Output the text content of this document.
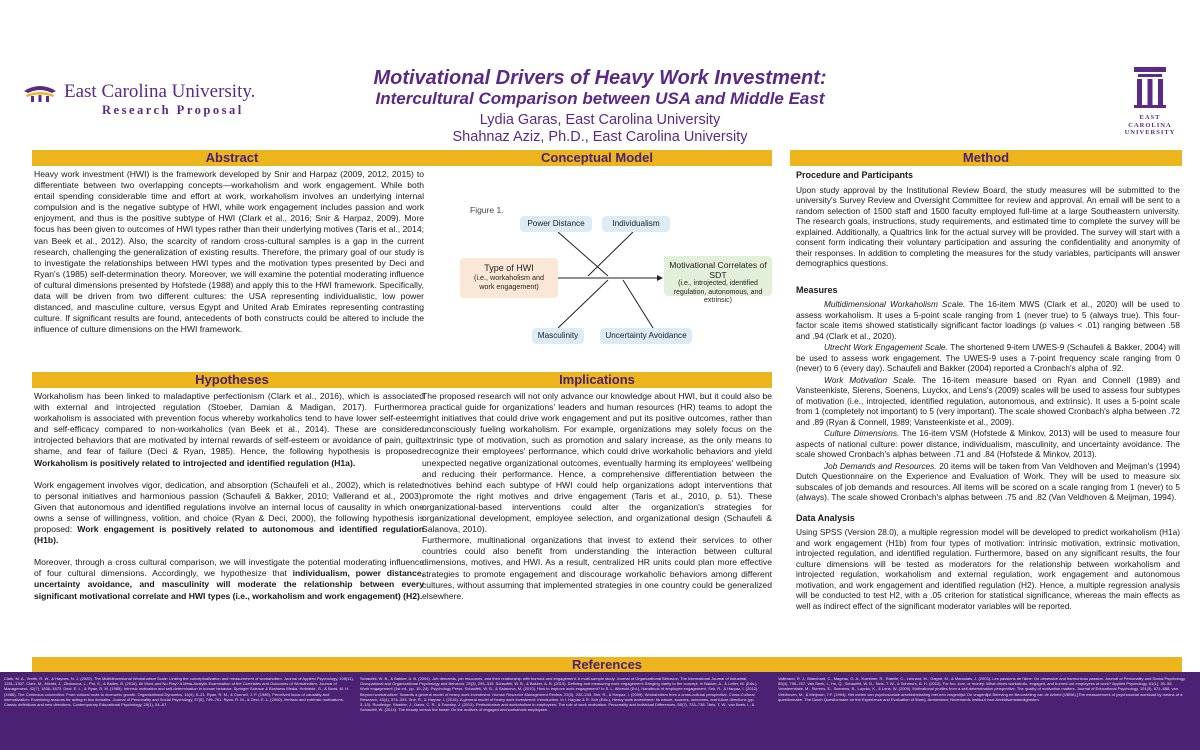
East Carolina University.
Research Proposal
Motivational Drivers of Heavy Work Investment:
Intercultural Comparison between USA and Middle East
Lydia Garas, East Carolina University
Shahnaz Aziz, Ph.D., East Carolina University
EAST
CAROLINA
UNIVERSITY
Abstract	Conceptual Model	Method
Hypotheses	Implications
References

Heavy work investment (HWI) is the framework developed by Snir and Harpaz (2009, 2012, 2015) to differentiate between two overlapping concepts—workaholism and work engagement. While both entail spending considerable time and effort at work, workaholism involves an underlying internal compulsion and is the negative subtype of HWI, while work engagement includes passion and work enjoyment, and thus is the positive subtype of HWI (Clark et al., 2016; Snir & Harpaz, 2009). More focus has been given to outcomes of HWI types rather than their underlying motives (Taris et al., 2014; van Beek et al., 2012). Also, the scarcity of random cross-cultural samples is a gap in the current research, challenging the generalization of existing results. Therefore, the primary goal of our study is to investigate the relationships between HWI types and the motivation types presented by Deci and Ryan's (1985) self-determination theory. Moreover, we will examine the potential moderating influence of cultural dimensions presented by Hofstede (1988) and apply this to the HWI framework. Specifically, data will be driven from two different cultures: the USA representing individualistic, low power distanced, and masculine culture, versus Egypt and United Arab Emirates representing contrasting culture. If significant results are found, antecedents of both constructs could be altered to include the influence of culture dimensions on the HWI framework.

Workaholism has been linked to maladaptive perfectionism (Clark et al., 2016), which is associated with external and introjected regulation (Stoeber, Damian & Madigan, 2017). Furthermore, workaholism is associated with prevention focus whereby workaholics tend to have lower self-esteem and self-efficacy compared to non-workaholics (van Beek et al., 2014). These are considered introjected behaviors that are motivated by internal rewards of self-esteem or avoidance of pain, guilt, shame, and fear of failure (Deci & Ryan, 1985). Hence, the following hypothesis is proposed: Workaholism is positively related to introjected and identified regulation (H1a).

Work engagement involves vigor, dedication, and absorption (Schaufeli et al., 2002), which is related to personal initiatives and harmonious passion (Schaufeli & Bakker, 2010; Vallerand et al., 2003). Given that autonomous and identified regulations involve an internal locus of causality in which one owns a sense of willingness, volition, and choice (Ryan & Deci, 2000), the following hypothesis is proposed: Work engagement is positively related to autonomous and identified regulation (H1b).

Moreover, through a cross cultural comparison, we will investigate the potential moderating influence of four cultural dimensions. Accordingly, we hypothesize that individualism, power distance, uncertainty avoidance, and masculinity will moderate the relationship between every significant motivational correlate and HWI types (i.e., workaholism and work engagement) (H2).

Figure 1.
Power Distance	Individualism
Type of HWI
(i.e., workaholism and work engagement)
Motivational Correlates of SDT
(i.e., introjected, identified regulation, autonomous, and extrinsic)
Masculinity	Uncertainty Avoidance

The proposed research will not only advance our knowledge about HWI, but it could also be a practical guide for organizations' leaders and human resources (HR) teams to adopt the right initiatives that could drive work engagement and put its positive outcomes, rather than unconsciously fueling workaholism. For example, organizations may solely focus on the extrinsic type of motivation, such as promotion and salary increase, as the only means to recognize their employees' performance, which could drive workaholic behaviors and yield unexpected negative organizational outcomes, eventually harming its employees' wellbeing and reducing their performance. Hence, a comprehensive differentiation between the motives behind each subtype of HWI could help organizations adopt interventions that promote the right motives and drive engagement (Taris et al., 2010, p. 51). These organizational-based interventions could alter the organization's strategies for organizational development, employee selection, and organizational design (Schaufeli & Salanova, 2010).

Furthermore, multinational organizations that invest to extend their services to other countries could also benefit from understanding the interaction between cultural dimensions, motives, and HWI. As a result, centralized HR units could plan more effective strategies to promote engagement and discourage workaholic behaviors among different cultures, without assuming that implemented strategies in one country could be generalized elsewhere.

Procedure and Participants

Upon study approval by the Institutional Review Board, the study measures will be submitted to the university's Survey Review and Oversight Committee for review and approval. An email will be sent to a random selection of 1500 staff and 1500 faculty employed full-time at a large Southeastern university. The research goals, instructions, study requirements, and estimated time to complete the survey will be explained. Additionally, a Qualtrics link for the actual survey will be provided. The survey will start with a consent form indicating their voluntary participation and assuring the confidentiality and anonymity of their responses. In addition to completing the measures for the study variables, participants will answer demographics questions.

Measures

Multidimensional Workaholism Scale. The 16-item MWS (Clark et al., 2020) will be used to assess workaholism. It uses a 5-point scale ranging from 1 (never true) to 5 (always true). This four-factor scale items showed statistically significant factor loadings (p values < .01) ranging between .58 and .94 (Clark et al., 2020).

Utrecht Work Engagement Scale. The shortened 9-item UWES-9 (Schaufeli & Bakker, 2004) will be used to assess work engagement. The UWES-9 uses a 7-point frequency scale ranging from 0 (never) to 6 (every day). Schaufeli and Bakker (2004) reported a Cronbach's alpha of .92.

Work Motivation Scale. The 16-item measure based on Ryan and Connell (1989) and Vansteenkiste, Sierens, Soenens, Luyckx, and Lens's (2009) scales will be used to assess four subtypes of motivation (i.e., introjected, identified regulation, autonomous, and extrinsic). It uses a 5-point scale from 1 (completely not important) to 5 (very important). The scale showed Cronbach's alpha between .72 and .89 (Ryan & Connell, 1989; Vansteenkiste et al., 2009).

Culture Dimensions. The 16-item VSM (Hofstede & Minkov, 2013) will be used to measure four aspects of national culture: power distance, individualism, masculinity, and uncertainty avoidance. The scale showed Cronbach's alphas between .71 and .84 (Hofstede & Minkov, 2013).

Job Demands and Resources. 20 items will be taken from Van Veldhoven and Meijman's (1994) Dutch Questionnaire on the Experience and Evaluation of Work. They will be used to measure six subscales of job demands and resources. All items will be scored on a scale ranging from 1 (never) to 5 (always). The scale showed Cronbach's alphas between .75 and .82 (Van Veldhoven & Meijman, 1994).

Data Analysis

Using SPSS (Version 28.0), a multiple regression model will be developed to predict workaholism (H1a) and work engagement (H1b) from four types of motivation: intrinsic motivation, extrinsic motivation, introjected regulation, and identified regulation. Furthermore, based on any significant results, the four culture dimensions will be tested as moderators for the relationship between workaholism and introjected regulation, workaholism and external regulation, work engagement and autonomous motivation, and work engagement and identified regulation (H2). Hence, a multiple regression analysis will be conducted to test H2, with a .05 criterion for statistical significance, whereas the main effects as well as indirect effect of the significant moderator variables will be reported.

Clark, M. A., Smith, R. W., & Haynes, N. J. (2020). The Multidimensional Workaholism Scale: Linking the conceptualization and measurement of workaholism. Journal of Applied Psychology, 105(11), 1281–1307. Clark, M., Michel, J., Zhdanova, L., Pui, S., & Baltes, B. (2016). All Work and No Play? A Meta-Analytic Examination of the Correlates and Outcomes of Workaholism. Journal of Management, 42(7), 1836–1873. Deci, E. L., & Ryan, R. M. (1985). Intrinsic motivation and self-determination in human behavior. Springer Science & Business Media. Hofstede, G., & Bond, M. H. (1988). The Confucius connection: From cultural roots to economic growth. Organizational Dynamics, 16(4), 5–21. Ryan, R. M., & Connell, J. P. (1989). Perceived locus of causality and internalization: Examining reasons for acting in two domains. Journal of Personality and Social Psychology, 57(5), 749–761. Ryan, R. M., & Deci, E. L. (2000). Intrinsic and extrinsic motivations: Classic definitions and new directions. Contemporary Educational Psychology, 25(1), 54–67.
Schaufeli, W. B., & Bakker, A. B. (2004). Job demands, job resources, and their relationship with burnout and engagement: A multi-sample study. Journal of Organizational Behavior: The International Journal of Industrial, Occupational and Organizational Psychology and Behavior, 25(3), 293–315. Schaufeli, W. B., & Bakker, A. B. (2010). Defining and measuring work engagement: Bringing clarity to the concept. In Bakker, A., & Leiter, M. (Eds.). Work engagement (1st ed., pp. 10–24). Psychology Press. Schaufeli, W. B., & Salanova, M. (2010). How to improve work engagement? In S. L. Albrecht (Ed.), Handbook of employee engagement. Snir, R., & Harpaz, I. (2012). Beyond workaholism: Towards a general model of heavy work investment. Human Resource Management Review, 22(3), 232–243. Snir, R., & Harpaz, I. (2009). Workaholism from a cross-cultural perspective. Cross-Cultural Research, 43(4), 374–393. Snir, R., & Harpaz, I. (2015). A general model of heavy work investment: Introduction. In I. Harpaz & R. Snir (Eds.), Heavy work investment: Its nature, sources, outcomes, and future directions (pp. 3–10). Routledge. Stoeber, J., Davis, C. R., & Townley, J. (2013). Perfectionism and workaholism in employees: The role of work motivation. Personality and Individual Differences, 55(7), 733–738. Taris, T. W., van Beek, I., & Schaufeli, W. (2014). The beauty versus the beast: On the motives of engaged and workaholic employees.
Vallerand, R. J., Blanchard, C., Mageau, G. A., Koestner, R., Ratelle, C., Léonard, M., Gagné, M., & Marsolais, J. (2003). Les passions de l'âme: On obsessive and harmonious passion. Journal of Personality and Social Psychology, 85(4), 756–767. Van Beek, I., Hu, Q., Schaufeli, W. B., Taris, T. W., & Schreurs, B. H. (2012). For fun, love, or money: What drives workaholic, engaged, and burned-out employees at work? Applied Psychology, 61(1), 30–55. Vansteenkiste, M., Sierens, E., Soenens, B., Luyckx, K., & Lens, W. (2009). Motivational profiles from a self-determination perspective: The quality of motivation matters. Journal of Educational Psychology, 101(3), 671–688. van Veldhoven, M., & Meijman, T.F. (1994). Het meten van psychosociale arbeidsbelasting met een vragenlijst: De vragenlijst Beleving en Beoordeling van de Arbeid (VBBA) [The measurement of psychosocial workload by means of a questionnaire. The Dutch Questionnaire on the Experience and Evaluation of Work]. Amsterdam: Nederlands Instituut voor Arbeidsomstandigheden.
